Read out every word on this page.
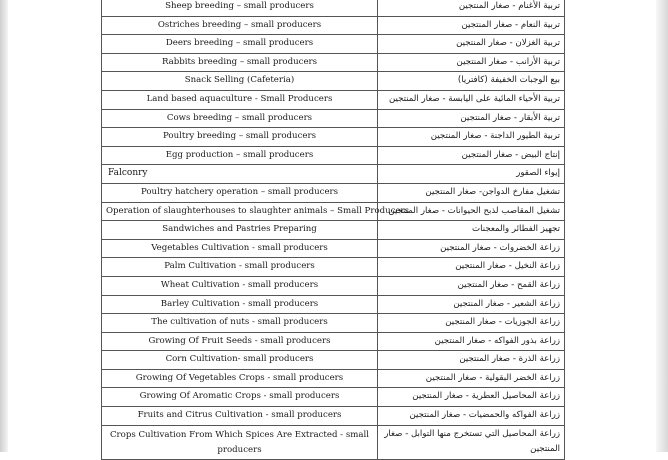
Sheep breeding – small producers	تربية الأغنام - صغار المنتجين
Ostriches breeding – small producers	تربية النعام - صغار المنتجين
Deers breeding – small producers	تربية الغزلان - صغار المنتجين
Rabbits breeding – small producers	تربية الأرانب - صغار المنتجين
Snack Selling (Cafeteria)	بيع الوجبات الخفيفة (كافتريا)
Land based aquaculture - Small Producers	تربية الأحياء المائية على اليابسة - صغار المنتجين
Cows breeding – small producers	تربية الأبقار - صغار المنتجين
Poultry breeding – small producers	تربية الطيور الداجنة - صغار المنتجين
Egg production – small producers	إنتاج البيض - صغار المنتجين
Falconry	إيواء الصقور
Poultry hatchery operation – small producers	تشغيل مفارخ الدواجن- صغار المنتجين
Operation of slaughterhouses to slaughter animals – Small Producers	تشغيل المقاصب لذبح الحيوانات - صغار المنتجين
Sandwiches and Pastries Preparing	تجهيز الفطائر والمعجنات
Vegetables Cultivation - small producers	زراعة الخضروات - صغار المنتجين
Palm Cultivation - small producers	زراعة النخيل - صغار المنتجين
Wheat Cultivation - small producers	زراعة القمح - صغار المنتجين
Barley Cultivation - small producers	زراعة الشعير - صغار المنتجين
The cultivation of nuts - small producers	زراعة الجوزيات - صغار المنتجين
Growing Of Fruit Seeds - small producers	زراعة بذور الفواكه - صغار المنتجين
Corn Cultivation- small producers	زراعة الذرة - صغار المنتجين
Growing Of Vegetables Crops - small producers	زراعة الخضر البقولية - صغار المنتجين
Growing Of Aromatic Crops - small producers	زراعة المحاصيل العطرية - صغار المنتجين
Fruits and Citrus Cultivation - small producers	زراعة الفواكه والحمضيات - صغار المنتجين
Crops Cultivation From Which Spices Are Extracted - small producers	زراعة المحاصيل التي تستخرج منها التوابل - صغار المنتجين
